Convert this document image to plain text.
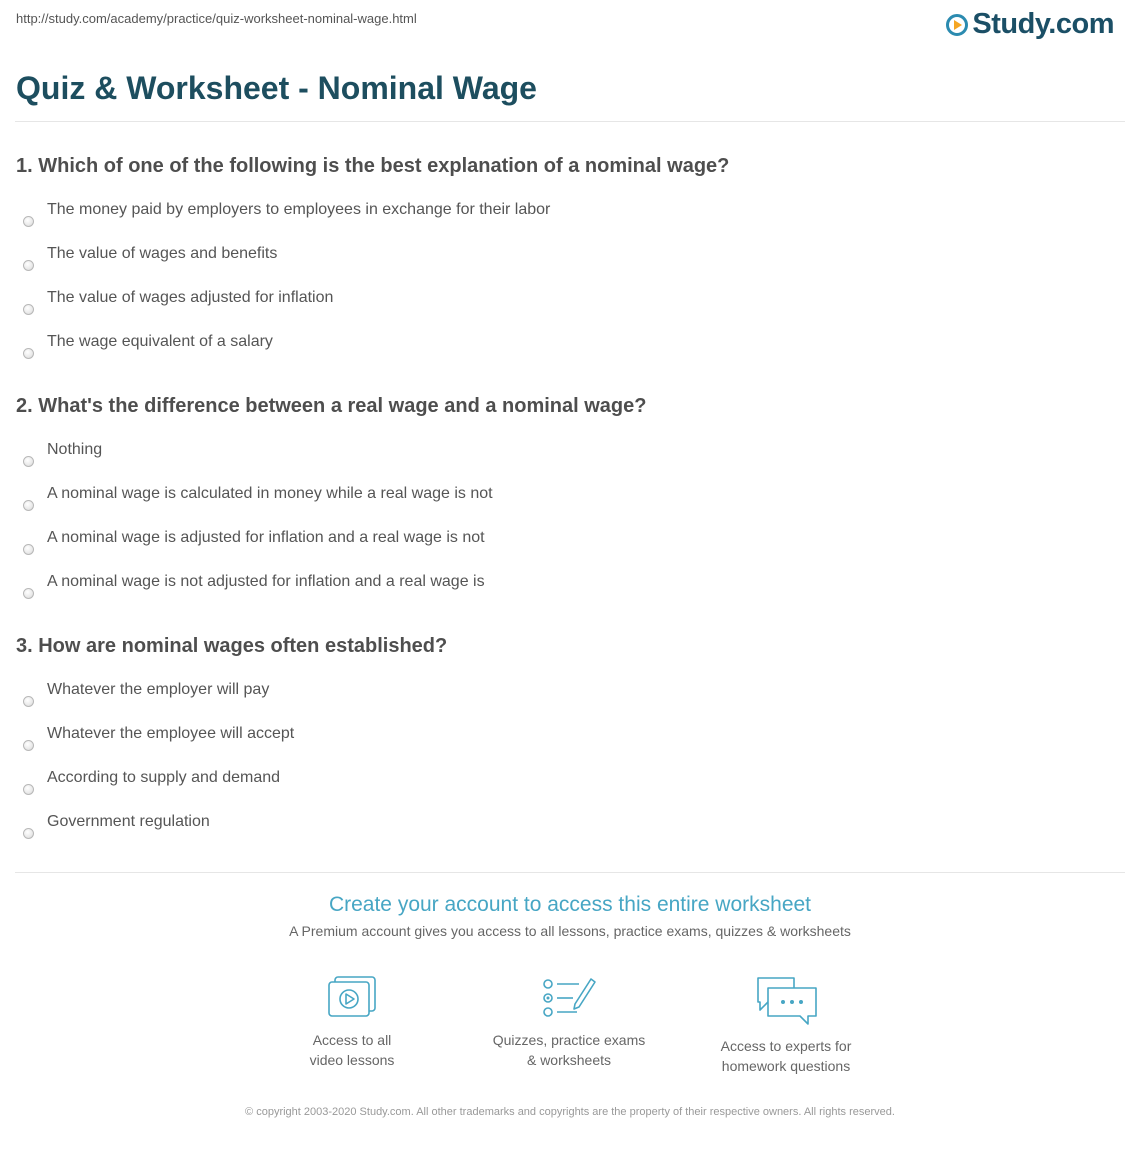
http://study.com/academy/practice/quiz-worksheet-nominal-wage.html	Study.com
Quiz & Worksheet - Nominal Wage
1. Which of one of the following is the best explanation of a nominal wage?
The money paid by employers to employees in exchange for their labor
The value of wages and benefits
The value of wages adjusted for inflation
The wage equivalent of a salary
2. What's the difference between a real wage and a nominal wage?
Nothing
A nominal wage is calculated in money while a real wage is not
A nominal wage is adjusted for inflation and a real wage is not
A nominal wage is not adjusted for inflation and a real wage is
3. How are nominal wages often established?
Whatever the employer will pay
Whatever the employee will accept
According to supply and demand
Government regulation
Create your account to access this entire worksheet
A Premium account gives you access to all lessons, practice exams, quizzes & worksheets
Access to all
video lessons
Quizzes, practice exams
& worksheets
Access to experts for
homework questions
© copyright 2003-2020 Study.com. All other trademarks and copyrights are the property of their respective owners. All rights reserved.
